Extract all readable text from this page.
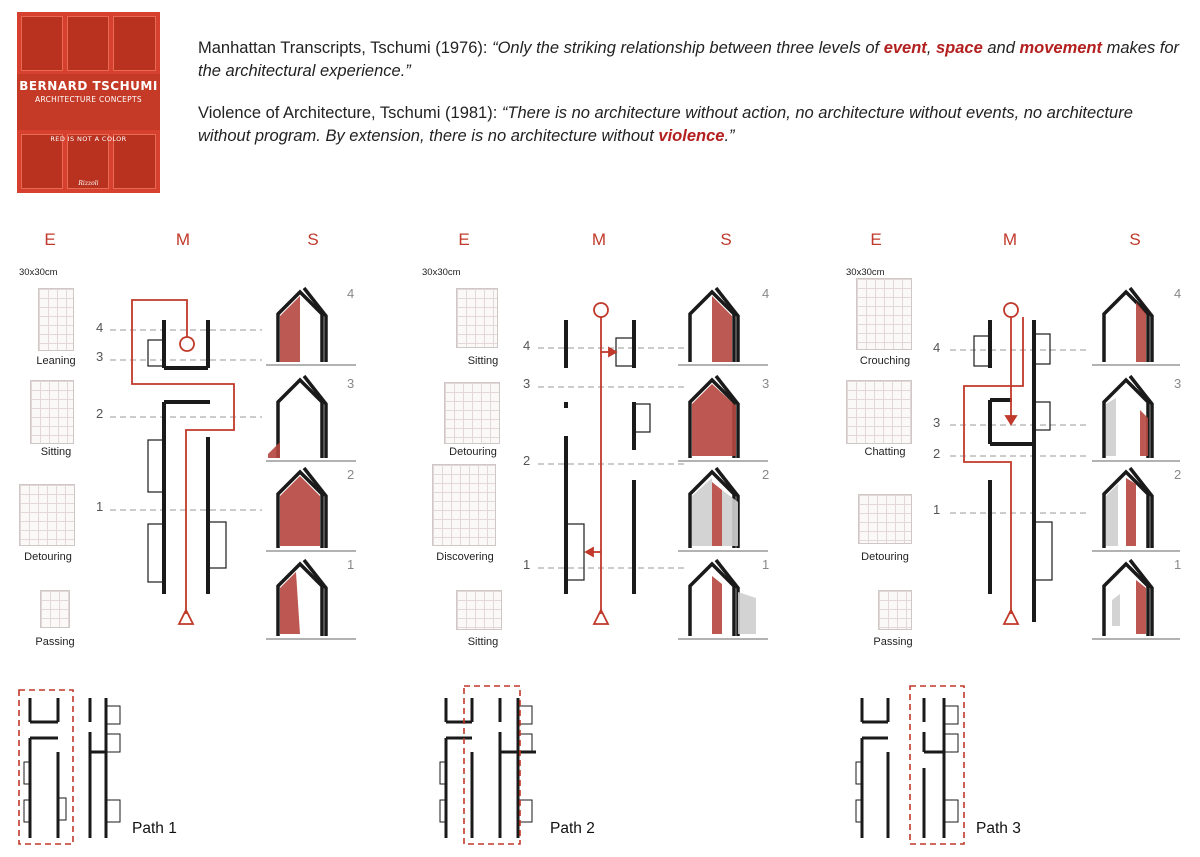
BERNARD TSCHUMI
ARCHITECTURE CONCEPTS
RED IS NOT A COLOR
Rizzoli
Manhattan Transcripts, Tschumi (1976): “Only the striking relationship between three levels of event, space and movement makes for the architectural experience.”
Violence of Architecture, Tschumi (1981): “There is no architecture without action, no architecture without events, no architecture without program. By extension, there is no architecture without violence.”
E	M	S
30x30cm
Leaning
Sitting
Detouring
Passing
4
3
2
1
4
3
2
1
Path 1
E	M	S
30x30cm
Sitting
Detouring
Discovering
Sitting
4
3
2
1
4
3
2
1
Path 2
E	M	S
30x30cm
Crouching
Chatting
Detouring
Passing
4
3
2
1
4
3
2
1
Path 3
